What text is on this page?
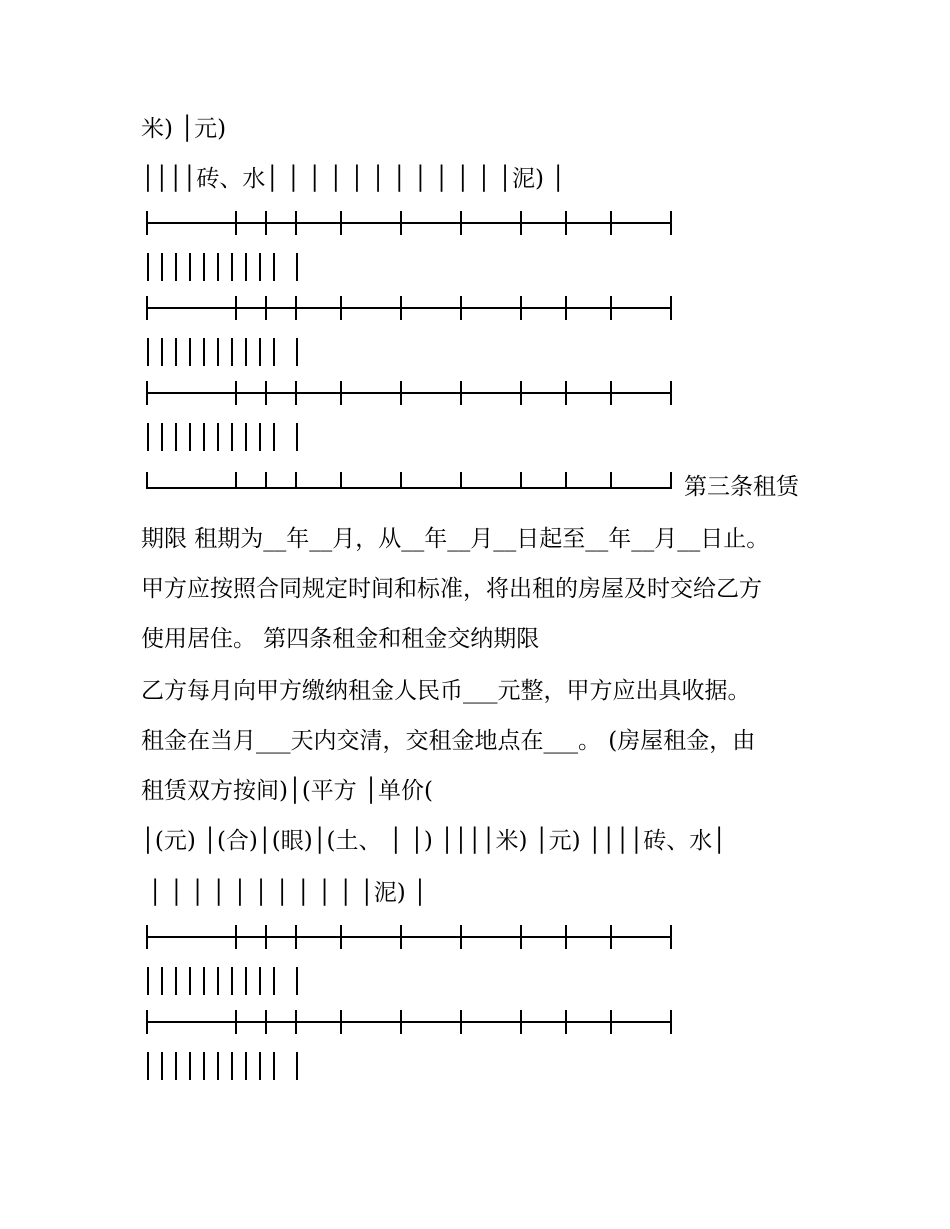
米) │元)
││││砖、水│ │ │ │ │ │ │ │ │ │ │ │泥) │
第三条租赁
期限 租期为__年__月，从__年__月__日起至__年__月__日止。
甲方应按照合同规定时间和标准，将出租的房屋及时交给乙方
使用居住。 第四条租金和租金交纳期限
乙方每月向甲方缴纳租金人民币___元整，甲方应出具收据。
租金在当月___天内交清，交租金地点在___。 (房屋租金，由
租赁双方按间)│(平方 │单价(
│(元) │(合)│(眼)│(土、 │ │) ││││米) │元) ││││砖、水│
│ │ │ │ │ │ │ │ │ │ │泥) │
